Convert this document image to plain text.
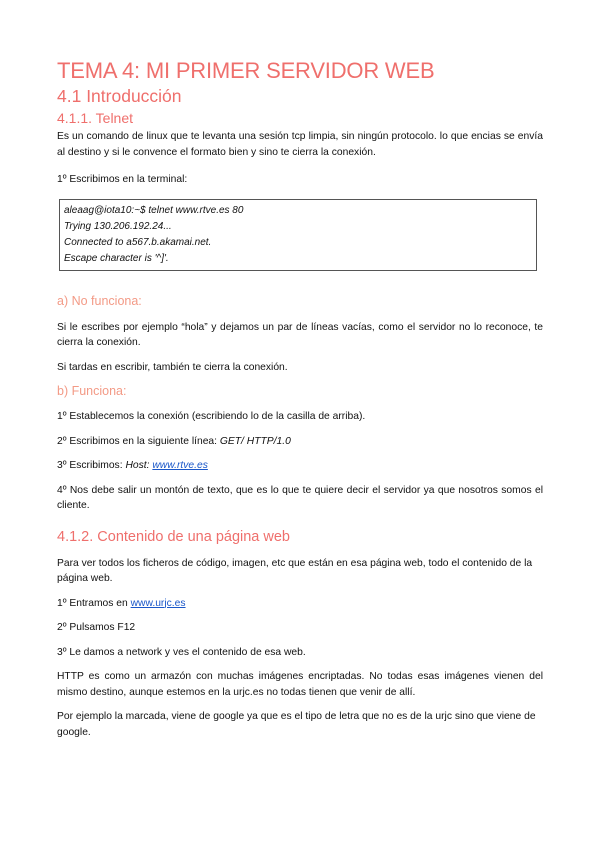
TEMA 4: MI PRIMER SERVIDOR WEB
4.1 Introducción
4.1.1. Telnet

Es un comando de linux que te levanta una sesión tcp limpia, sin ningún protocolo. lo que encias se envía al destino y si le convence el formato bien y sino te cierra la conexión.

1º Escribimos en la terminal:

aleaag@iota10:~$ telnet www.rtve.es 80
Trying 130.206.192.24...
Connected to a567.b.akamai.net.
Escape character is '^]'.
a) No funciona:

Si le escribes por ejemplo “hola” y dejamos un par de líneas vacías, como el servidor no lo reconoce, te cierra la conexión.

Si tardas en escribir, también te cierra la conexión.

b) Funciona:

1º Establecemos la conexión (escribiendo lo de la casilla de arriba).

2º Escribimos en la siguiente línea: GET/ HTTP/1.0

3º Escribimos: Host: www.rtve.es

4º Nos debe salir un montón de texto, que es lo que te quiere decir el servidor ya que nosotros somos el cliente.

4.1.2. Contenido de una página web

Para ver todos los ficheros de código, imagen, etc que están en esa página web, todo el contenido de la página web.

1º Entramos en www.urjc.es

2º Pulsamos F12

3º Le damos a network y ves el contenido de esa web.

HTTP es como un armazón con muchas imágenes encriptadas. No todas esas imágenes vienen del mismo destino, aunque estemos en la urjc.es no todas tienen que venir de allí.

Por ejemplo la marcada, viene de google ya que es el tipo de letra que no es de la urjc sino que viene de google.
